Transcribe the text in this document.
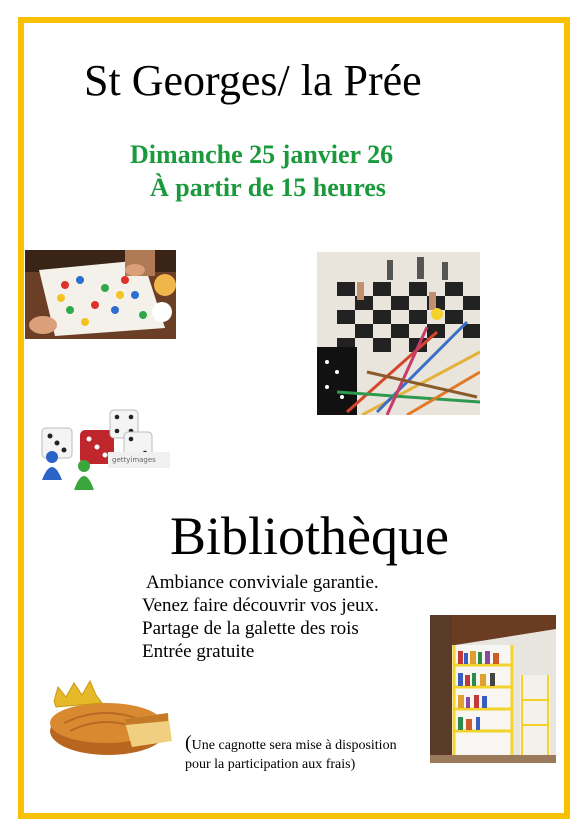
St Georges/ la Prée
Dimanche 25 janvier 26
À partir de 15 heures
gettyimages
Bibliothèque
Ambiance conviviale garantie.
Venez faire découvrir vos jeux.
Partage de la galette des rois
Entrée gratuite
(Une cagnotte sera mise à disposition
pour la participation aux frais)
